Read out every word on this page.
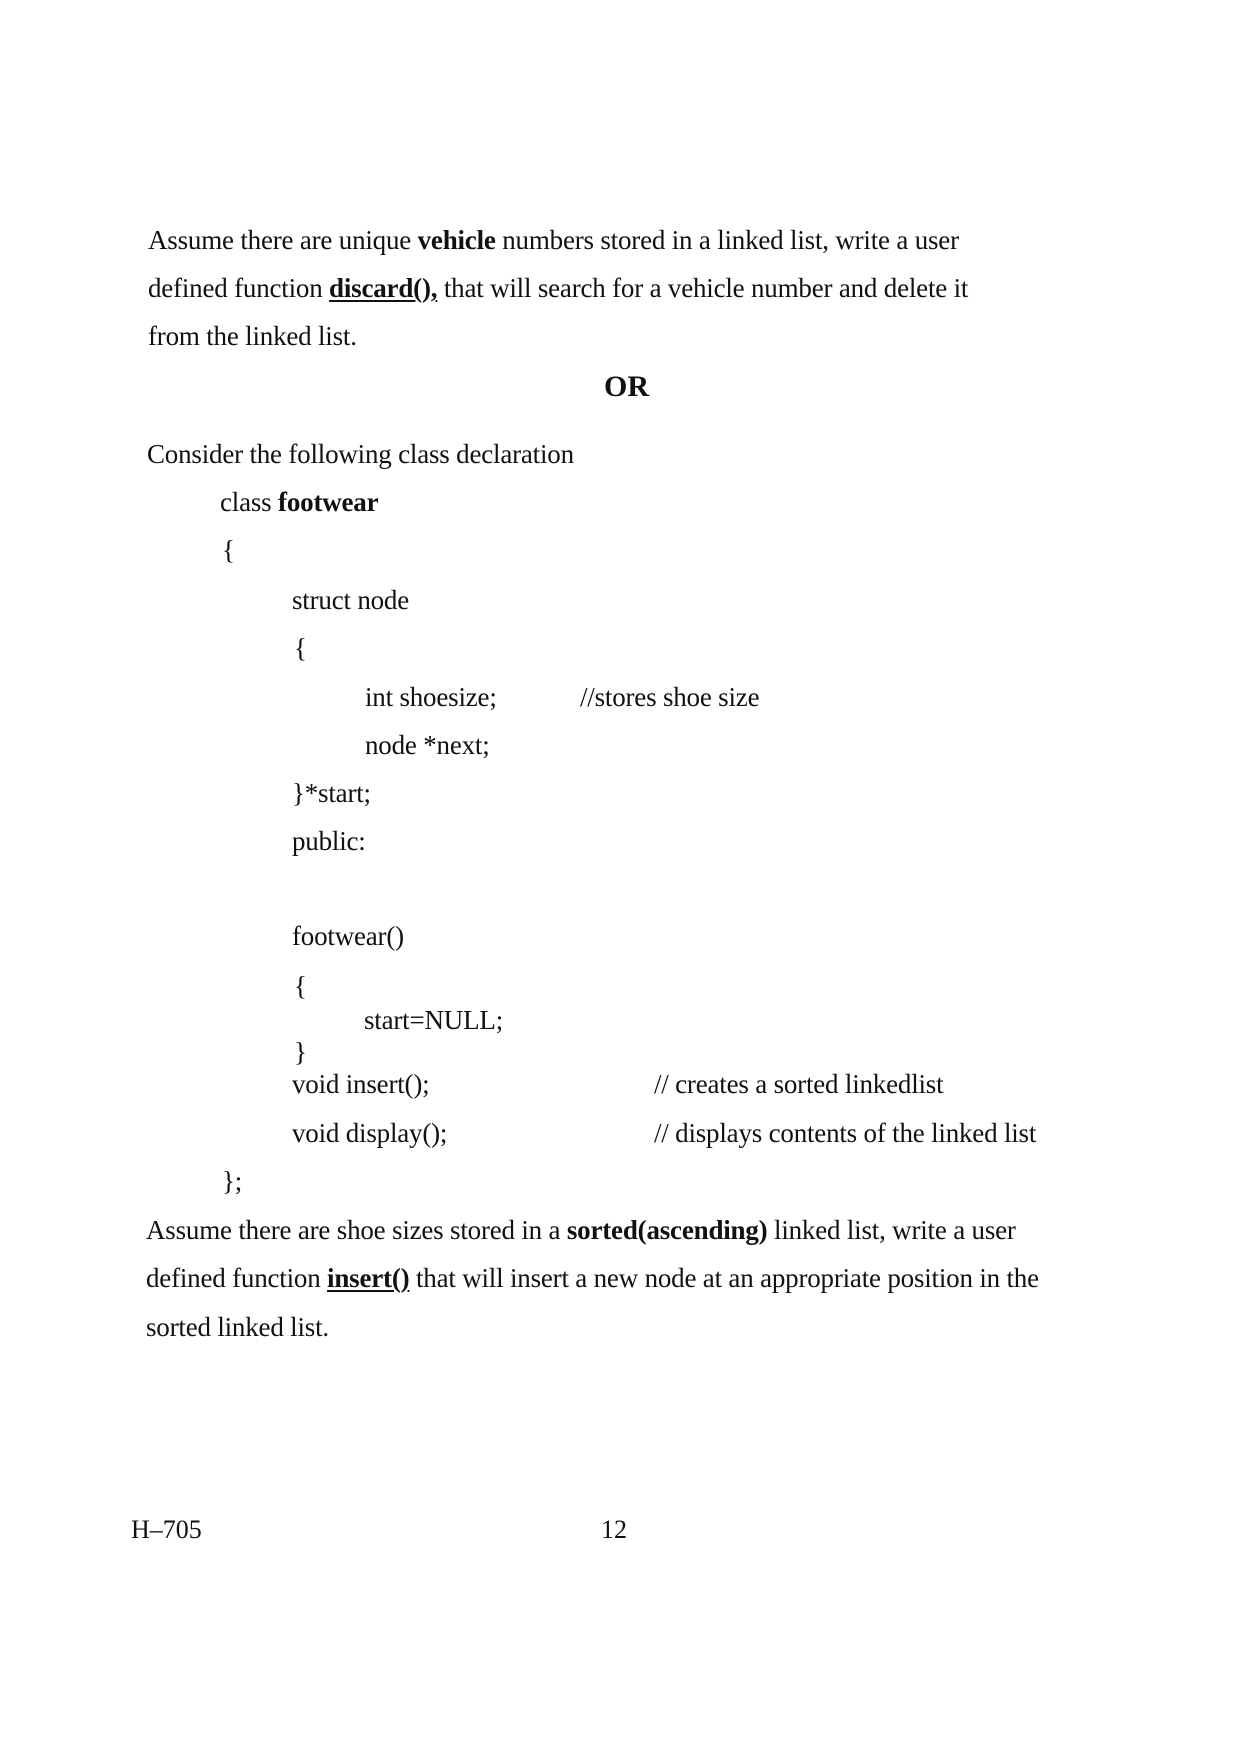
Assume there are unique vehicle numbers stored in a linked list, write a user
defined function discard(), that will search for a vehicle number and delete it
from the linked list.
OR
Consider the following class declaration
class footwear
{
struct node
{
int shoesize;	//stores shoe size
node *next;
}*start;
public:
footwear()
{
start=NULL;
}
void insert();	// creates a sorted linkedlist
void display();	// displays contents of the linked list
};
Assume there are shoe sizes stored in a sorted(ascending) linked list, write a user
defined function insert() that will insert a new node at an appropriate position in the
sorted linked list.
H–705	12
